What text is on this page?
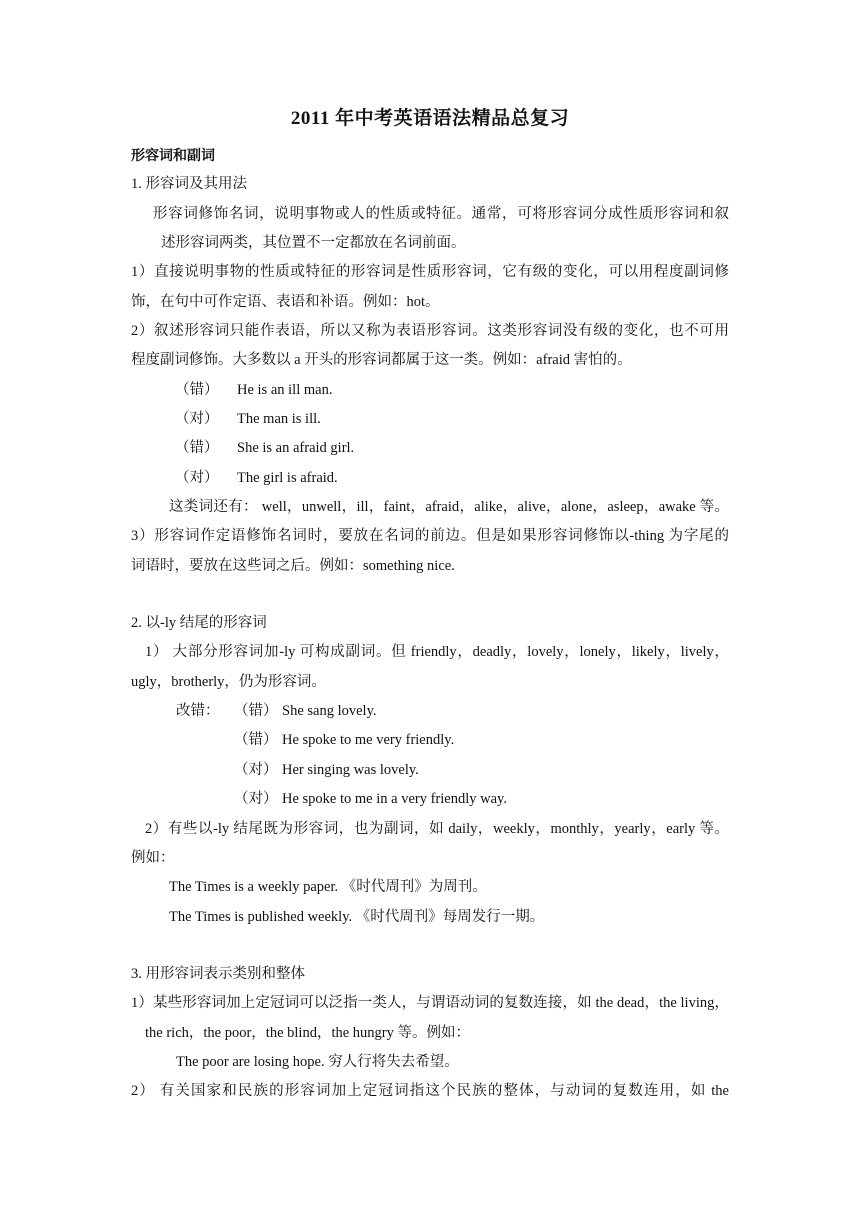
2011 年中考英语语法精品总复习
形容词和副词
1. 形容词及其用法
形容词修饰名词，说明事物或人的性质或特征。通常，可将形容词分成性质形容词和叙
述形容词两类，其位置不一定都放在名词前面。
1）直接说明事物的性质或特征的形容词是性质形容词，它有级的变化，可以用程度副词修
饰，在句中可作定语、表语和补语。例如：hot。
2）叙述形容词只能作表语，所以又称为表语形容词。这类形容词没有级的变化，也不可用
程度副词修饰。大多数以 a 开头的形容词都属于这一类。例如：afraid 害怕的。
（错） He is an ill man.
（对） The man is ill.
（错） She is an afraid girl.
（对） The girl is afraid.
这类词还有： well，unwell，ill，faint，afraid，alike，alive，alone，asleep，awake 等。
3）形容词作定语修饰名词时，要放在名词的前边。但是如果形容词修饰以-thing 为字尾的
词语时，要放在这些词之后。例如：something nice.
2. 以-ly 结尾的形容词
1） 大部分形容词加-ly 可构成副词。但 friendly，deadly，lovely，lonely，likely，lively，
ugly，brotherly，仍为形容词。
改错： （错） She sang lovely.
（错） He spoke to me very friendly.
（对） Her singing was lovely.
（对） He spoke to me in a very friendly way.
2）有些以-ly 结尾既为形容词，也为副词，如 daily，weekly，monthly，yearly，early 等。
例如：
The Times is a weekly paper. 《时代周刊》为周刊。
The Times is published weekly. 《时代周刊》每周发行一期。
3. 用形容词表示类别和整体
1）某些形容词加上定冠词可以泛指一类人，与谓语动词的复数连接，如 the dead，the living，
the rich，the poor，the blind，the hungry 等。例如：
The poor are losing hope. 穷人行将失去希望。
2） 有关国家和民族的形容词加上定冠词指这个民族的整体，与动词的复数连用，如 the
